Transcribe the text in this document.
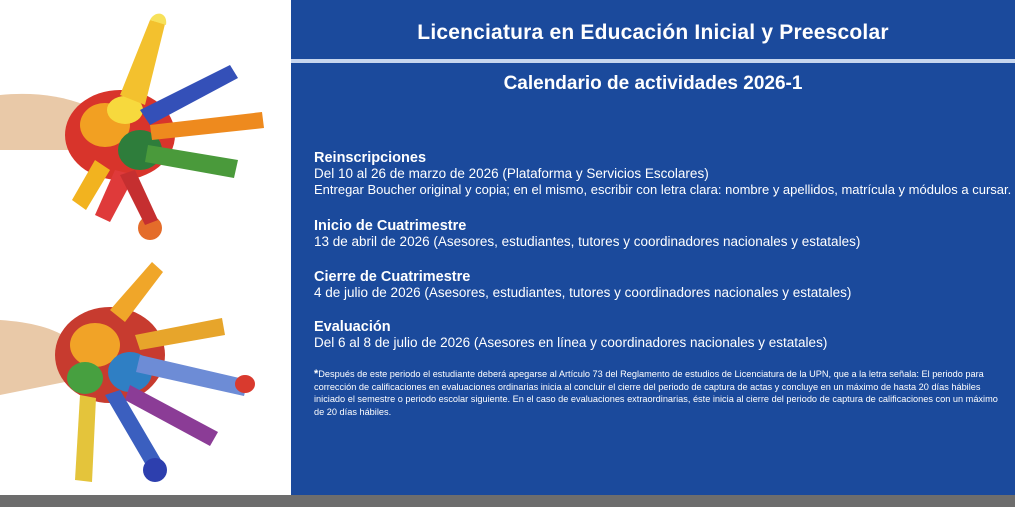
Licenciatura en Educación Inicial y Preescolar
Calendario de actividades 2026-1
Reinscripciones
Del 10 al 26 de marzo de 2026 (Plataforma y Servicios Escolares)
Entregar Boucher original y copia; en el mismo, escribir con letra clara: nombre y apellidos, matrícula y módulos a cursar.
Inicio de Cuatrimestre
13 de abril de 2026 (Asesores, estudiantes, tutores y coordinadores nacionales y estatales)
Cierre de Cuatrimestre
4 de julio de 2026 (Asesores, estudiantes, tutores y coordinadores nacionales y estatales)
Evaluación
Del 6 al 8 de julio de 2026 (Asesores en línea y coordinadores nacionales y estatales)
*Después de este periodo el estudiante deberá apegarse al Artículo 73 del Reglamento de estudios de Licenciatura de la UPN, que a la letra señala: El periodo para corrección de calificaciones en evaluaciones ordinarias inicia al concluir el cierre del periodo de captura de actas y concluye en un máximo de hasta 20 días hábiles iniciado el semestre o periodo escolar siguiente. En el caso de evaluaciones extraordinarias, éste inicia al cierre del periodo de captura de calificaciones con un máximo de 20 días hábiles.
